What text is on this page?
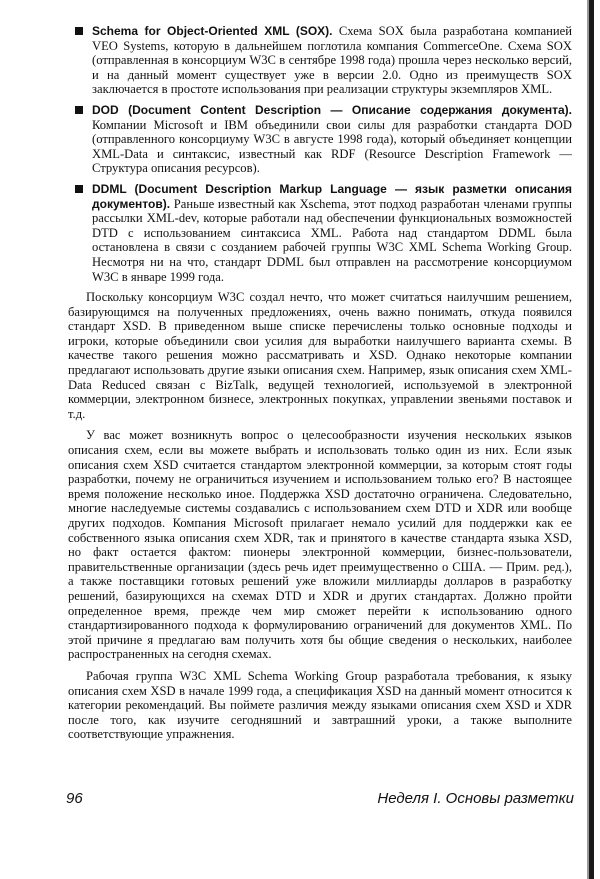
Schema for Object-Oriented XML (SOX). Схема SOX была разработана компанией VEO Systems, которую в дальнейшем поглотила компания CommerceOne. Схема SOX (отправленная в консорциум W3C в сентябре 1998 года) прошла через несколько версий, и на данный момент существует уже в версии 2.0. Одно из преимуществ SOX заключается в простоте использования при реализации структуры экземпляров XML.
DOD (Document Content Description — Описание содержания документа). Компании Microsoft и IBM объединили свои силы для разработки стандарта DOD (отправленного консорциуму W3C в августе 1998 года), который объединяет концепции XML-Data и синтаксис, известный как RDF (Resource Description Framework — Структура описания ресурсов).
DDML (Document Description Markup Language — язык разметки описания документов). Раньше известный как Xschema, этот подход разработан членами группы рассылки XML-dev, которые работали над обеспечении функциональных возможностей DTD с использованием синтаксиса XML. Работа над стандартом DDML была остановлена в связи с созданием рабочей группы W3C XML Schema Working Group. Несмотря ни на что, стандарт DDML был отправлен на рассмотрение консорциумом W3C в январе 1999 года.

Поскольку консорциум W3C создал нечто, что может считаться наилучшим решением, базирующимся на полученных предложениях, очень важно понимать, откуда появился стандарт XSD. В приведенном выше списке перечислены только основные подходы и игроки, которые объединили свои усилия для выработки наилучшего варианта схемы. В качестве такого решения можно рассматривать и XSD. Однако некоторые компании предлагают использовать другие языки описания схем. Например, язык описания схем XML-Data Reduced связан с BizTalk, ведущей технологией, используемой в электронной коммерции, электронном бизнесе, электронных покупках, управлении звеньями поставок и т.д.

У вас может возникнуть вопрос о целесообразности изучения нескольких языков описания схем, если вы можете выбрать и использовать только один из них. Если язык описания схем XSD считается стандартом электронной коммерции, за которым стоят годы разработки, почему не ограничиться изучением и использованием только его? В настоящее время положение несколько иное. Поддержка XSD достаточно ограничена. Следовательно, многие наследуемые системы создавались с использованием схем DTD и XDR или вообще других подходов. Компания Microsoft прилагает немало усилий для поддержки как ее собственного языка описания схем XDR, так и принятого в качестве стандарта языка XSD, но факт остается фактом: пионеры электронной коммерции, бизнес-пользователи, правительственные организации (здесь речь идет преимущественно о США. — Прим. ред.), а также поставщики готовых решений уже вложили миллиарды долларов в разработку решений, базирующихся на схемах DTD и XDR и других стандартах. Должно пройти определенное время, прежде чем мир сможет перейти к использованию одного стандартизированного подхода к формулированию ограничений для документов XML. По этой причине я предлагаю вам получить хотя бы общие сведения о нескольких, наиболее распространенных на сегодня схемах.

Рабочая группа W3C XML Schema Working Group разработала требования, к языку описания схем XSD в начале 1999 года, а спецификация XSD на данный момент относится к категории рекомендаций. Вы поймете различия между языками описания схем XSD и XDR после того, как изучите сегодняшний и завтрашний уроки, а также выполните соответствующие упражнения.

96	Неделя I. Основы разметки
